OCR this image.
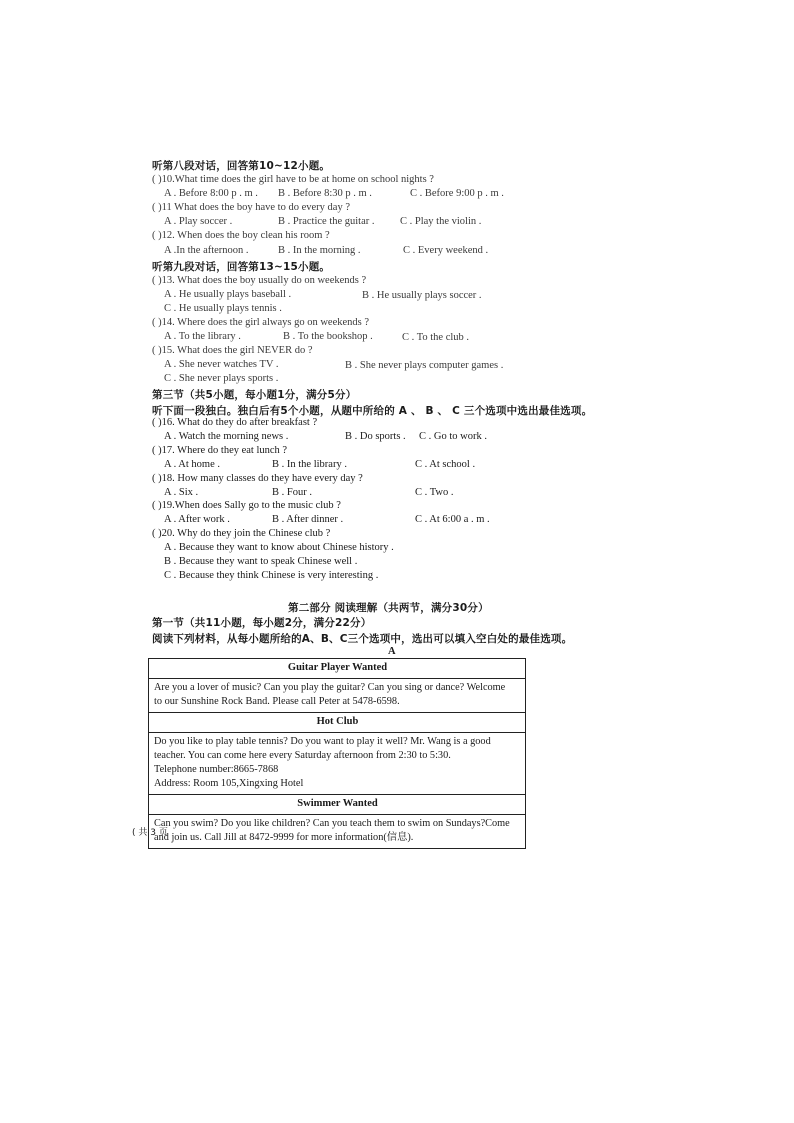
听第八段对话，回答第10~12小题。
( )10.What time does the girl have to be at home on school nights ?
A . Before 8:00 p . m . B . Before 8:30 p . m .	C . Before 9:00 p . m .
( )11 What does the boy have to do every day ?
A . Play soccer .	B . Practice the guitar . C . Play the violin .
( )12. When does the boy clean his room ?
A .In the afternoon .	B . In the morning .	C . Every weekend .
听第九段对话，回答第13~15小题。
( )13. What does the boy usually do on weekends ?
A . He usually plays baseball .	B . He usually plays soccer .
C . He usually plays tennis .
( )14. Where does the girl always go on weekends ?
A . To the library .	B . To the bookshop .	C . To the club .
( )15. What does the girl NEVER do ?
A . She never watches TV .	B . She never plays computer games .
C . She never plays sports .
第三节（共5小题，每小题1分，满分5分）
听下面一段独白。独白后有5个小题，从题中所给的 A 、 B 、 C 三个选项中选出最佳选项。
( )16. What do they do after breakfast ?
A . Watch the morning news .	B . Do sports . C . Go to work .
( )17. Where do they eat lunch ?
A . At home .	B . In the library .	C . At school .
( )18. How many classes do they have every day ?
A . Six .	B . Four .	C . Two .
( )19.When does Sally go to the music club ?
A . After work .	B . After dinner .	C . At 6:00 a . m .
( )20. Why do they join the Chinese club ?
A . Because they want to know about Chinese history .
B . Because they want to speak Chinese well .
C . Because they think Chinese is very interesting .
第二部分 阅读理解（共两节，满分30分）
第一节（共11小题，每小题2分，满分22分）
阅读下列材料，从每小题所给的A、B、C三个选项中，选出可以填入空白处的最佳选项。
A
Guitar Player Wanted
Are you a lover of music? Can you play the guitar? Can you sing or dance? Welcome
to our Sunshine Rock Band. Please call Peter at 5478-6598.
Hot Club
Do you like to play table tennis? Do you want to play it well? Mr. Wang is a good
teacher. You can come here every Saturday afternoon from 2:30 to 5:30.
Telephone number:8665-7868
Address: Room 105,Xingxing Hotel
Swimmer Wanted
Can you swim? Do you like children? Can you teach them to swim on Sundays?Come
and join us. Call Jill at 8472-9999 for more information(信息).
( 共 3 页
